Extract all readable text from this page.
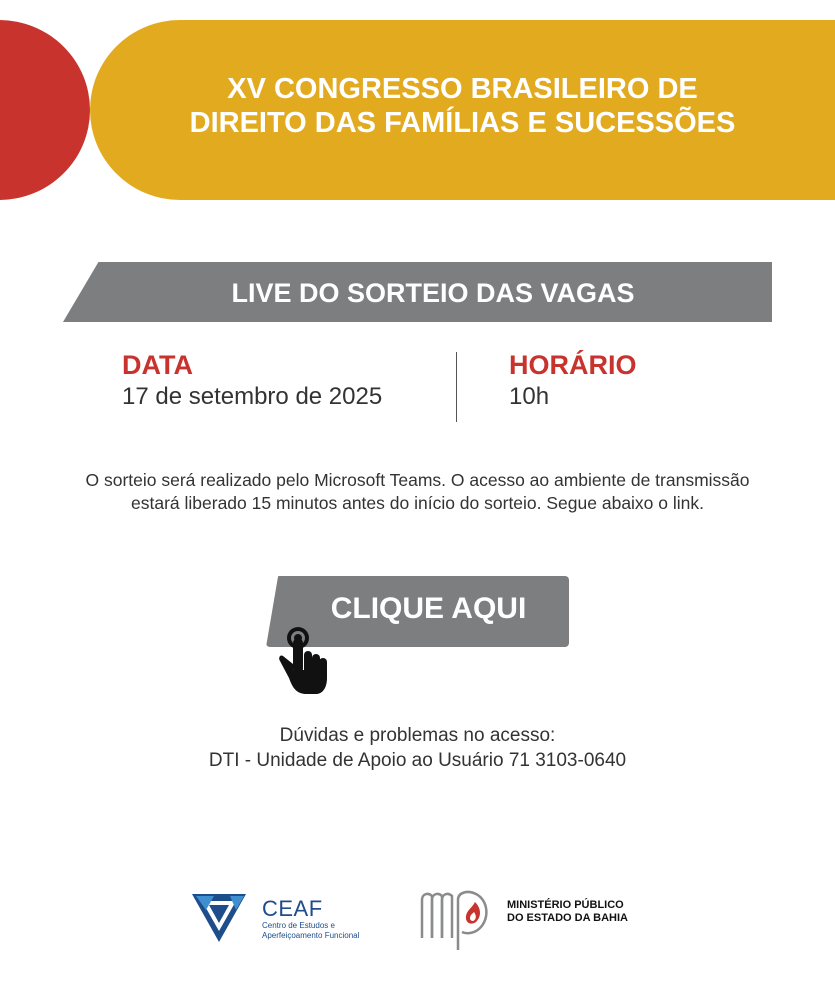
XV CONGRESSO BRASILEIRO DE
DIREITO DAS FAMÍLIAS E SUCESSÕES
LIVE DO SORTEIO DAS VAGAS

DATA

17 de setembro de 2025

HORÁRIO

10h

O sorteio será realizado pelo Microsoft Teams. O acesso ao ambiente de transmissão
estará liberado 15 minutos antes do início do sorteio. Segue abaixo o link.

CLIQUE AQUI

Dúvidas e problemas no acesso:
DTI - Unidade de Apoio ao Usuário 71 3103-0640

CEAF

Centro de Estudos e
Aperfeiçoamento Funcional

MINISTÉRIO PÚBLICO
DO ESTADO DA BAHIA
